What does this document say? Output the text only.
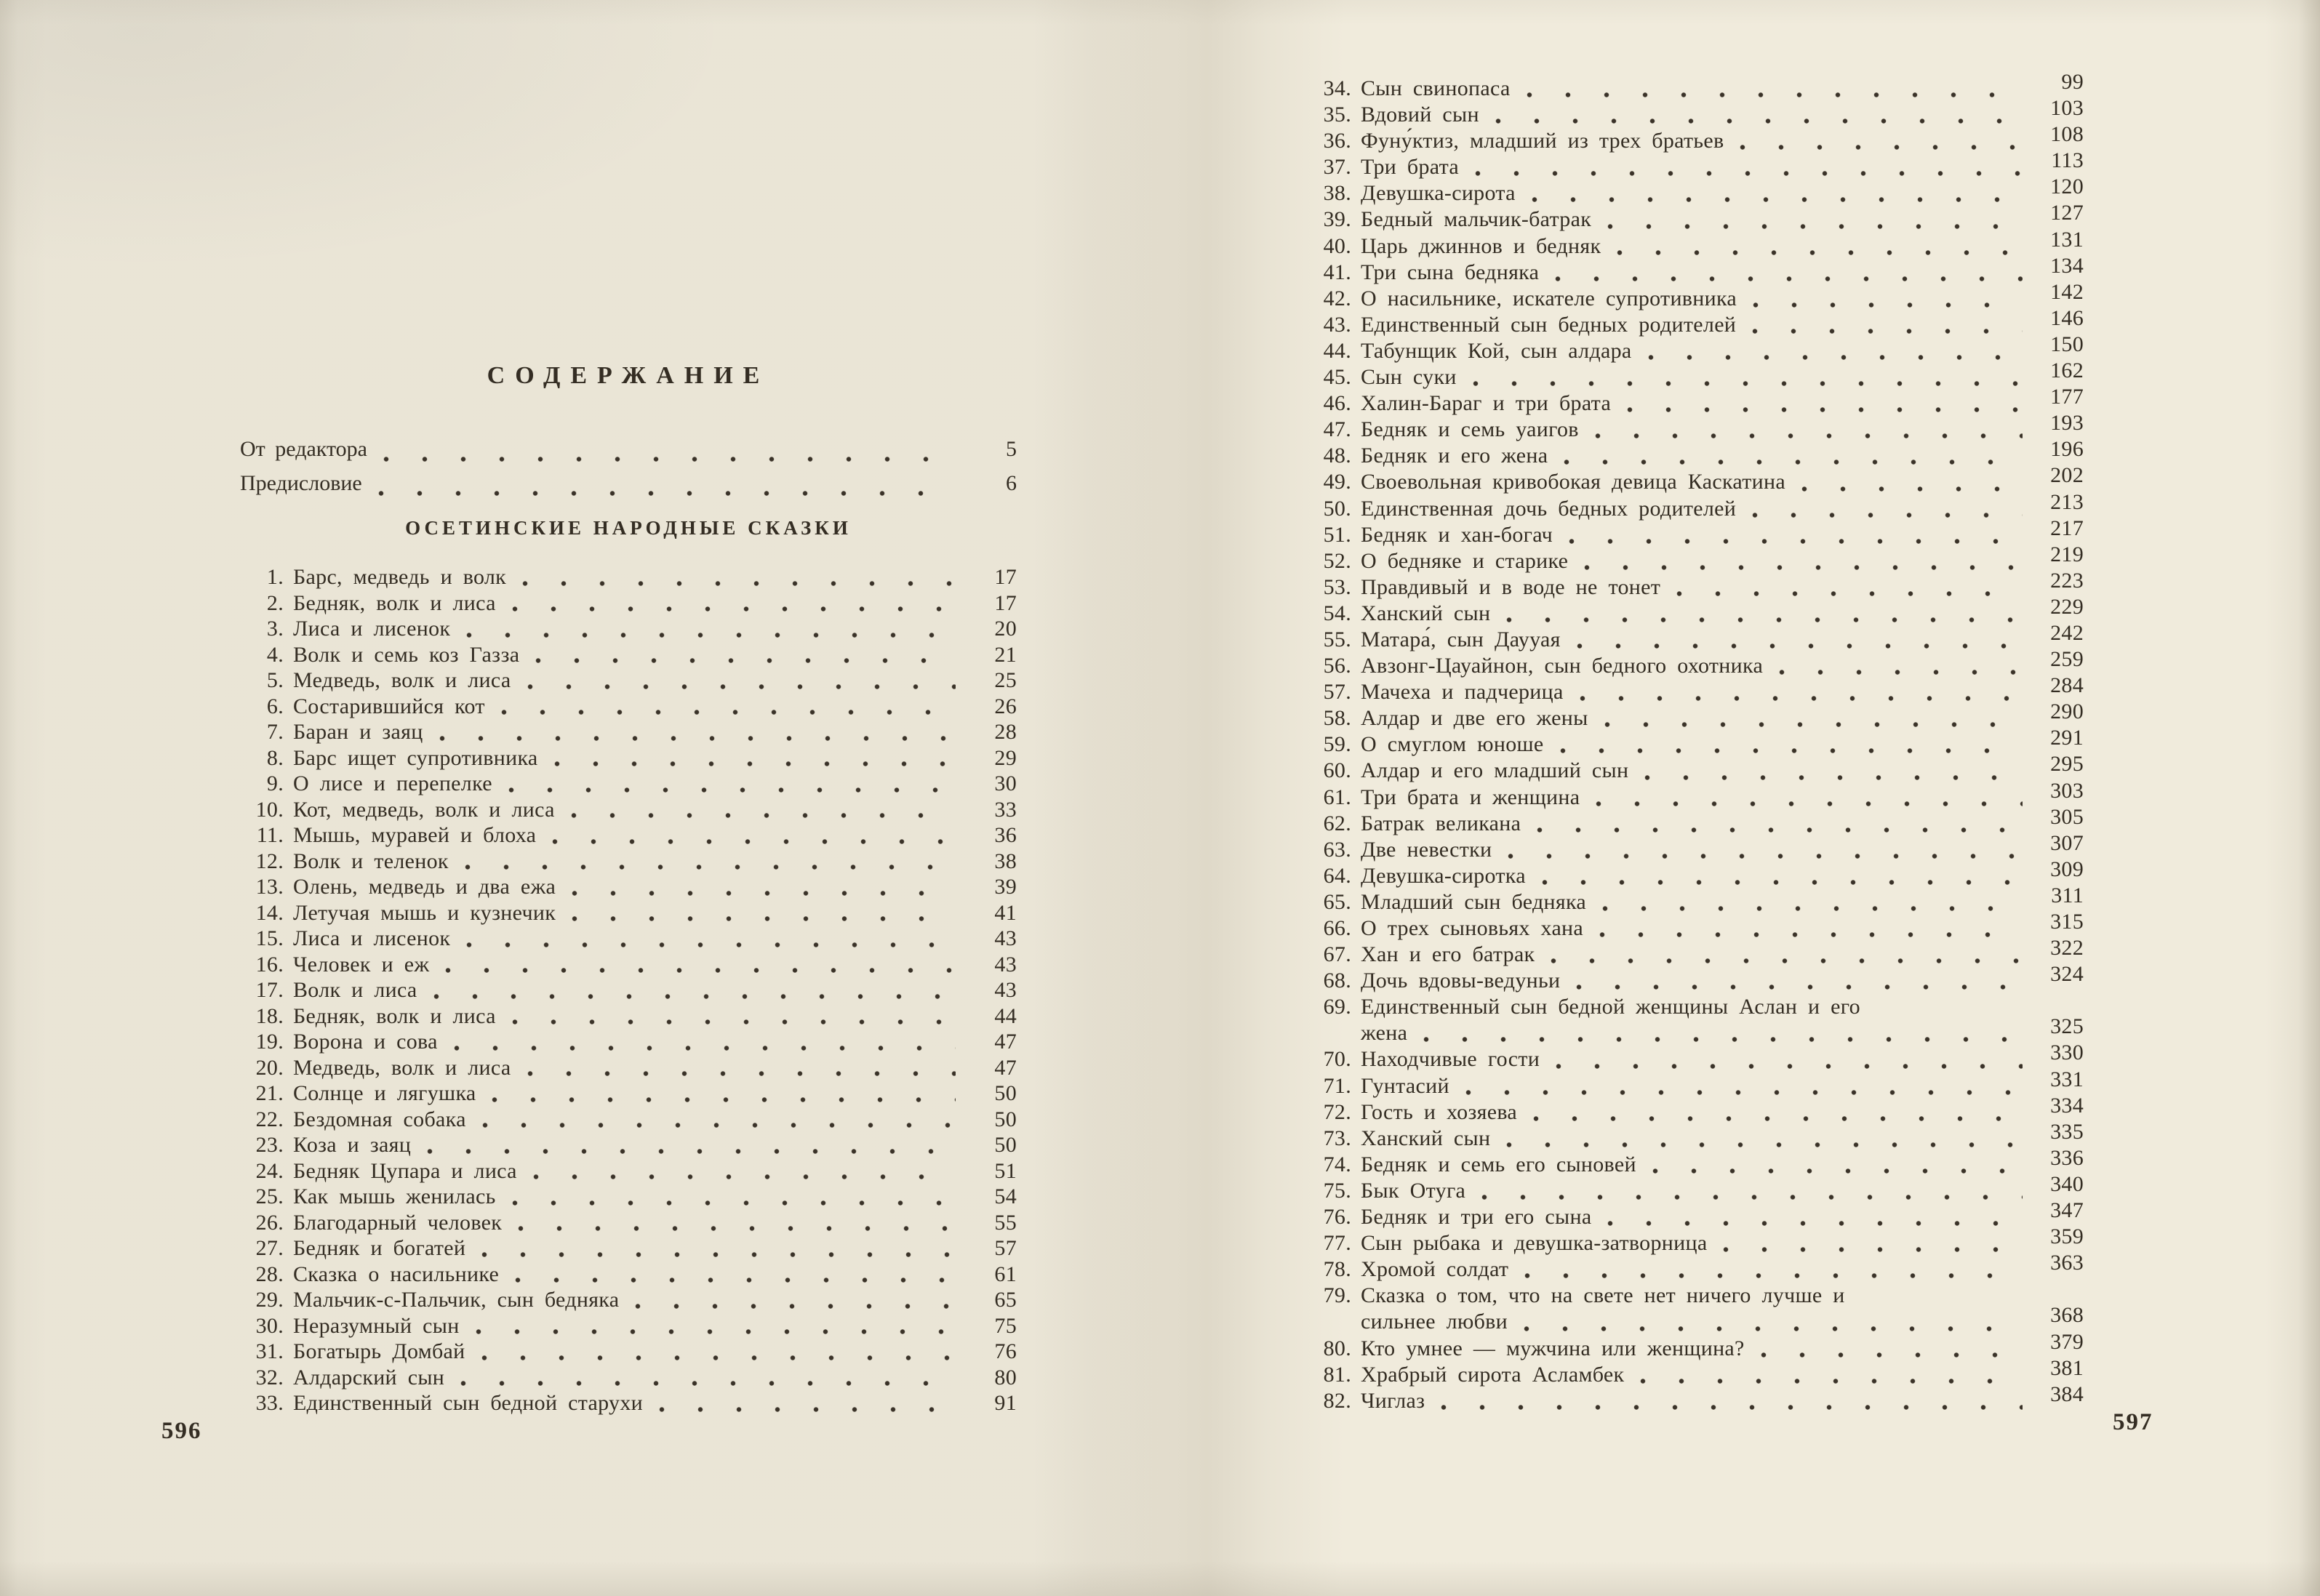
СОДЕРЖАНИЕ
От редактора	5
Предисловие	6
ОСЕТИНСКИЕ НАРОДНЫЕ СКАЗКИ
1. Барс, медведь и волк	17
2. Бедняк, волк и лиса	17
3. Лиса и лисенок	20
4. Волк и семь коз Газза	21
5. Медведь, волк и лиса	25
6. Состарившийся кот	26
7. Баран и заяц	28
8. Барс ищет супротивника	29
9. О лисе и перепелке	30
10. Кот, медведь, волк и лиса	33
11. Мышь, муравей и блоха	36
12. Волк и теленок	38
13. Олень, медведь и два ежа	39
14. Летучая мышь и кузнечик	41
15. Лиса и лисенок	43
16. Человек и еж	43
17. Волк и лиса	43
18. Бедняк, волк и лиса	44
19. Ворона и сова	47
20. Медведь, волк и лиса	47
21. Солнце и лягушка	50
22. Бездомная собака	50
23. Коза и заяц	50
24. Бедняк Цупара и лиса	51
25. Как мышь женилась	54
26. Благодарный человек	55
27. Бедняк и богатей	57
28. Сказка о насильнике	61
29. Мальчик-с-Пальчик, сын бедняка	65
30. Неразумный сын	75
31. Богатырь Домбай	76
32. Алдарский сын	80
33. Единственный сын бедной старухи	91
596
34. Сын свинопаса	99
35. Вдовий сын	103
36. Фуну́ктиз, младший из трех братьев	108
37. Три брата	113
38. Девушка-сирота	120
39. Бедный мальчик-батрак	127
40. Царь джиннов и бедняк	131
41. Три сына бедняка	134
42. О насильнике, искателе супротивника	142
43. Единственный сын бедных родителей	146
44. Табунщик Кой, сын алдара	150
45. Сын суки	162
46. Халин-Бараг и три брата	177
47. Бедняк и семь уаигов	193
48. Бедняк и его жена	196
49. Своевольная кривобокая девица Каскатина	202
50. Единственная дочь бедных родителей	213
51. Бедняк и хан-богач	217
52. О бедняке и старике	219
53. Правдивый и в воде не тонет	223
54. Ханский сын	229
55. Матара́, сын Даууая	242
56. Авзонг-Цауайнон, сын бедного охотника	259
57. Мачеха и падчерица	284
58. Алдар и две его жены	290
59. О смуглом юноше	291
60. Алдар и его младший сын	295
61. Три брата и женщина	303
62. Батрак великана	305
63. Две невестки	307
64. Девушка-сиротка	309
65. Младший сын бедняка	311
66. О трех сыновьях хана	315
67. Хан и его батрак	322
68. Дочь вдовы-ведуньи	324
69. Единственный сын бедной женщины Аслан и его
жена	325
70. Находчивые гости	330
71. Гунтасий	331
72. Гость и хозяева	334
73. Ханский сын	335
74. Бедняк и семь его сыновей	336
75. Бык Отуга	340
76. Бедняк и три его сына	347
77. Сын рыбака и девушка-затворница	359
78. Хромой солдат	363
79. Сказка о том, что на свете нет ничего лучше и
сильнее любви	368
80. Кто умнее — мужчина или женщина?	379
81. Храбрый сирота Асламбек	381
82. Чиглаз	384
597
